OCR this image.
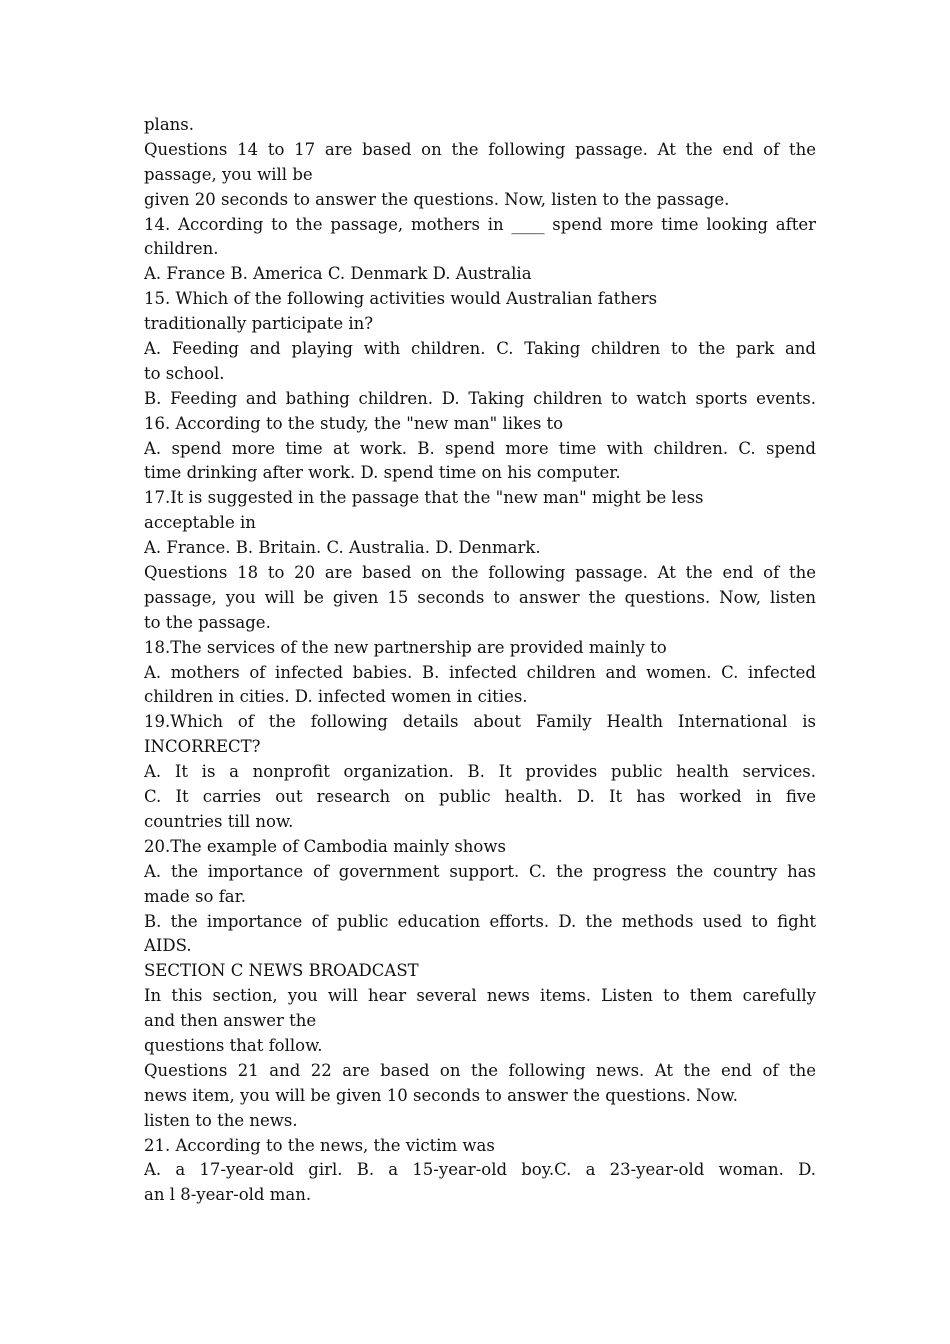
plans.
Questions 14 to 17 are based on the following passage. At the end of the
passage, you will be
given 20 seconds to answer the questions. Now, listen to the passage.
14. According to the passage, mothers in ____ spend more time looking after
children.
A. France B. America C. Denmark D. Australia
15. Which of the following activities would Australian fathers
traditionally participate in?
A. Feeding and playing with children. C. Taking children to the park and
to school.
B. Feeding and bathing children. D. Taking children to watch sports events.
16. According to the study, the "new man" likes to
A. spend more time at work. B. spend more time with children. C. spend
time drinking after work. D. spend time on his computer.
17.It is suggested in the passage that the "new man" might be less
acceptable in
A. France. B. Britain. C. Australia. D. Denmark.
Questions 18 to 20 are based on the following passage. At the end of the
passage, you will be given 15 seconds to answer the questions. Now, listen
to the passage.
18.The services of the new partnership are provided mainly to
A. mothers of infected babies. B. infected children and women. C. infected
children in cities. D. infected women in cities.
19.Which of the following details about Family Health International is
INCORRECT?
A. It is a nonprofit organization. B. It provides public health services.
C. It carries out research on public health. D. It has worked in five
countries till now.
20.The example of Cambodia mainly shows
A. the importance of government support. C. the progress the country has
made so far.
B. the importance of public education efforts. D. the methods used to fight
AIDS.
SECTION C NEWS BROADCAST
In this section, you will hear several news items. Listen to them carefully
and then answer the
questions that follow.
Questions 21 and 22 are based on the following news. At the end of the
news item, you will be given 10 seconds to answer the questions. Now.
listen to the news.
21. According to the news, the victim was
A. a 17-year-old girl. B. a 15-year-old boy.C. a 23-year-old woman. D.
an l 8-year-old man.
